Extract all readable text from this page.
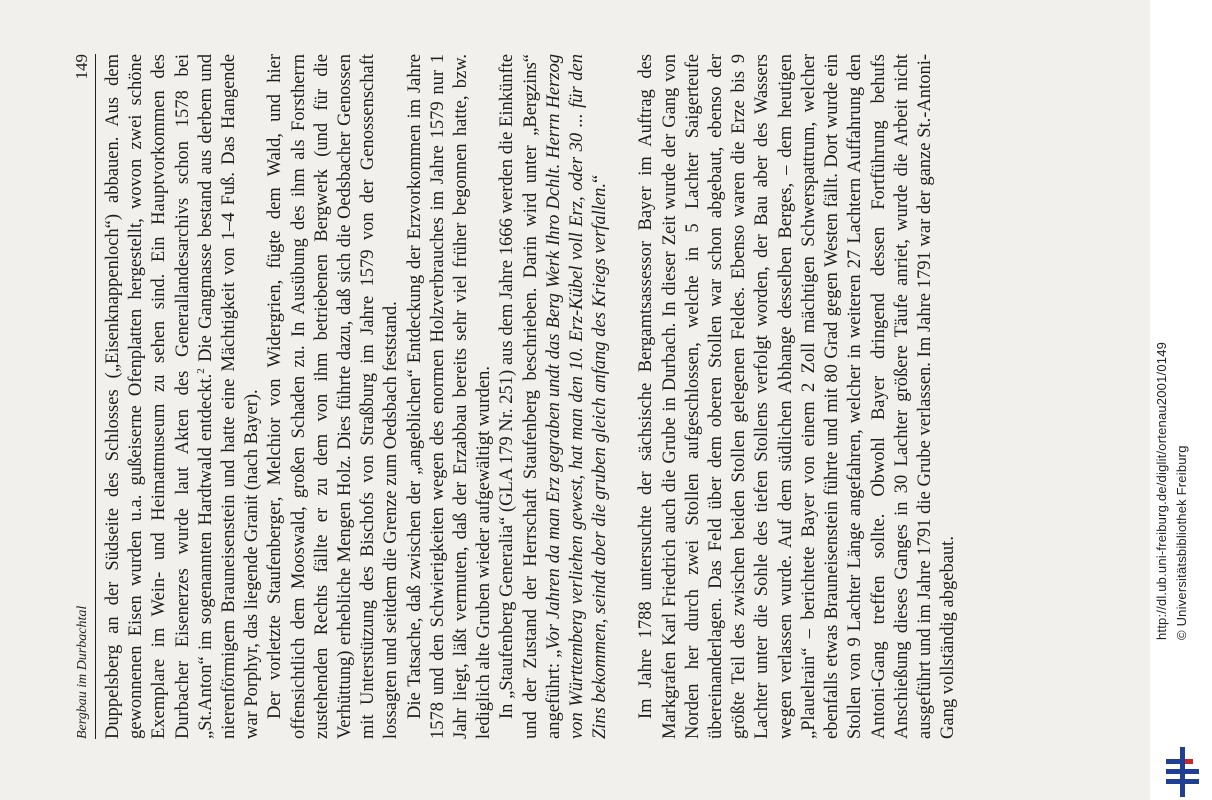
Bergbau im Durbachtal
149 Duppelsberg an der Südseite des Schlosses („Eisenknappenloch“) abbauen. Aus dem gewonnenen Eisen wurden u.a. gußeiserne Ofenplatten hergestellt, wovon zwei schöne Exemplare im Wein- und Heimatmuseum zu sehen sind. Ein Hauptvorkommen des Durbacher Eisenerzes wurde laut Akten des Generallandesarchivs schon 1578 bei „St.Anton“ im sogenannten Hardtwald entdeckt.$^2$ Die Gangmasse bestand aus derbem und nierenförmigem Brauneisenstein und hatte eine Mächtigkeit von 1–4 Fuß. Das Hangende war Porphyr, das liegende Granit (nach Bayer). Der vorletzte Staufenberger, Melchior von Widergrien, fügte dem Wald, und hier offensichtlich dem Mooswald, großen Schaden zu. In Ausübung des ihm als Forstherrn zustehenden Rechts fällte er zu dem von ihm betriebenen Bergwerk (und für die Verhüttung) erhebliche Mengen Holz. Dies führte dazu, daß sich die Oedsbacher Genossen mit Unterstützung des Bischofs von Straßburg im Jahre 1579 von der Genossenschaft lossagten und seitdem die Grenze zum Oedsbach feststand. Die Tatsache, daß zwischen der „angeblichen“ Entdeckung der Erzvorkommen im Jahre 1578 und den Schwierigkeiten wegen des enormen Holzverbrauches im Jahre 1579 nur 1 Jahr liegt, läßt vermuten, daß der Erzabbau bereits sehr viel früher begonnen hatte, bzw. lediglich alte Gruben wieder aufgewältigt wurden. In „Staufenberg Generalia“ (GLA 179 Nr. 251) aus dem Jahre 1666 werden die Einkünfte und der Zustand der Herrschaft Staufenberg beschrieben. Darin wird unter „Bergzins“ angeführt: „Vor Jahren da man Erz gegraben undt das Berg Werk Ihro Dchlt. Herrn Herzog von Württemberg verliehen gewest, hat man den 10. Erz-Kübel voll Erz, oder 30 ... für den Zins bekommen, seindt aber die gruben gleich anfang des Kriegs verfallen.“ Im Jahre 1788 untersuchte der sächsische Bergamtsassessor Bayer im Auftrag des Markgrafen Karl Friedrich auch die Grube in Durbach. In dieser Zeit wurde der Gang von Norden her durch zwei Stollen aufgeschlossen, welche in 5 Lachter Saigerteufe übereinanderlagen. Das Feld über dem oberen Stollen war schon abgebaut, ebenso der größte Teil des zwischen beiden Stollen gelegenen Feldes. Ebenso waren die Erze bis 9 Lachter unter die Sohle des tiefen Stollens verfolgt worden, der Bau aber des Wassers wegen verlassen wurde. Auf dem südlichen Abhange desselben Berges, – dem heutigen „Plauelrain“ – berichtete Bayer von einem 2 Zoll mächtigen Schwerspattrum, welcher ebenfalls etwas Brauneisenstein führte und mit 80 Grad gegen Westen fällt. Dort wurde ein Stollen von 9 Lachter Länge angefahren, welcher in weiteren 27 Lachtern Auffahrung den Antoni-Gang treffen sollte. Obwohl Bayer dringend dessen Fortführung behufs Anschießung dieses Ganges in 30 Lachter größere Täufe anriet, wurde die Arbeit nicht ausgeführt und im Jahre 1791 die Grube verlassen. Im Jahre 1791 war der ganze St.-Antoni-Gang vollständig abgebaut.	http://dl.ub.uni-freiburg.de/diglit/ortenau2001/0149 © Universitätsbibliothek Freiburg
